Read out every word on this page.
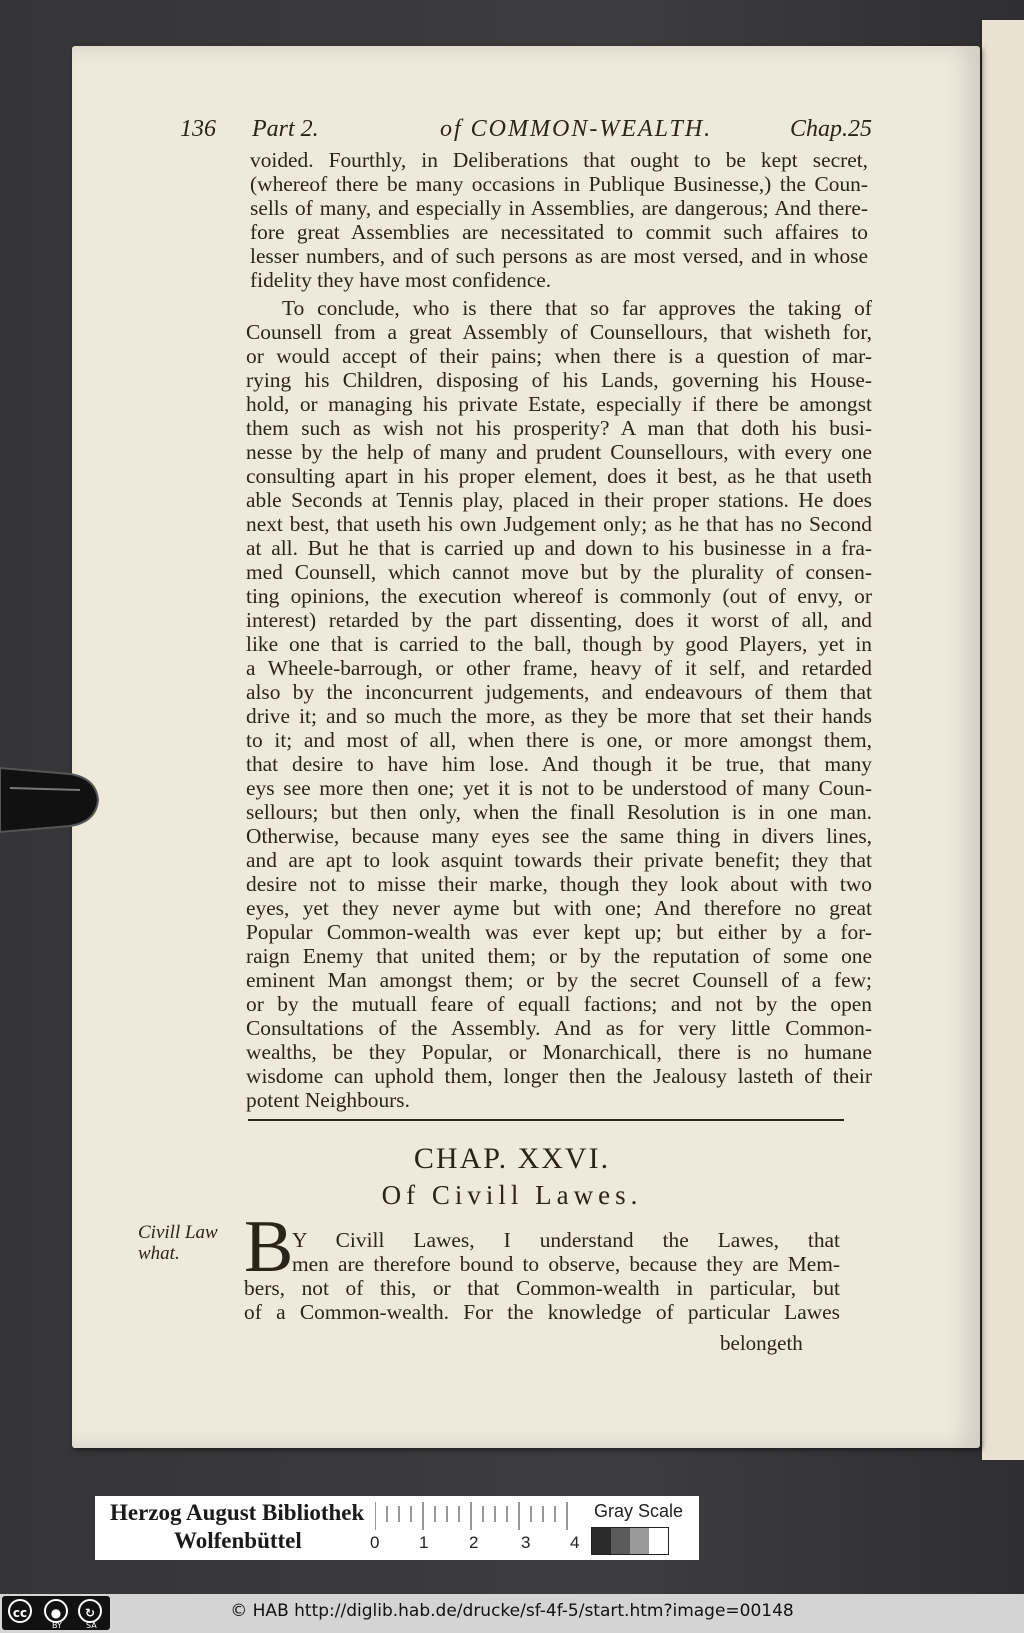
136 Part 2.	of COMMON-WEALTH.	Chap.25
voided. Fourthly, in Deliberations that ought to be kept secret,
(whereof there be many occasions in Publique Businesse,) the Coun-
sells of many, and especially in Assemblies, are dangerous; And there-
fore great Assemblies are necessitated to commit such affaires to
lesser numbers, and of such persons as are most versed, and in whose
fidelity they have most confidence.
To conclude, who is there that so far approves the taking of
Counsell from a great Assembly of Counsellours, that wisheth for,
or would accept of their pains; when there is a question of mar-
rying his Children, disposing of his Lands, governing his House-
hold, or managing his private Estate, especially if there be amongst
them such as wish not his prosperity? A man that doth his busi-
nesse by the help of many and prudent Counsellours, with every one
consulting apart in his proper element, does it best, as he that useth
able Seconds at Tennis play, placed in their proper stations. He does
next best, that useth his own Judgement only; as he that has no Second
at all. But he that is carried up and down to his businesse in a fra-
med Counsell, which cannot move but by the plurality of consen-
ting opinions, the execution whereof is commonly (out of envy, or
interest) retarded by the part dissenting, does it worst of all, and
like one that is carried to the ball, though by good Players, yet in
a Wheele-barrough, or other frame, heavy of it self, and retarded
also by the inconcurrent judgements, and endeavours of them that
drive it; and so much the more, as they be more that set their hands
to it; and most of all, when there is one, or more amongst them,
that desire to have him lose. And though it be true, that many
eys see more then one; yet it is not to be understood of many Coun-
sellours; but then only, when the finall Resolution is in one man.
Otherwise, because many eyes see the same thing in divers lines,
and are apt to look asquint towards their private benefit; they that
desire not to misse their marke, though they look about with two
eyes, yet they never ayme but with one; And therefore no great
Popular Common-wealth was ever kept up; but either by a for-
raign Enemy that united them; or by the reputation of some one
eminent Man amongst them; or by the secret Counsell of a few;
or by the mutuall feare of equall factions; and not by the open
Consultations of the Assembly. And as for very little Common-
wealths, be they Popular, or Monarchicall, there is no humane
wisdome can uphold them, longer then the Jealousy lasteth of their
potent Neighbours.
CHAP. XXVI.
Of Civill Lawes.
Civill Law
what. B
Y Civill Lawes, I understand the Lawes, that
men are therefore bound to observe, because they are Mem-
bers, not of this, or that Common-wealth in particular, but
of a Common-wealth. For the knowledge of particular Lawes
belongeth
Herzog August Bibliothek
Wolfenbüttel	0 1 2	3 4
Gray Scale
cc	●	↻
BY	SA
© HAB http://diglib.hab.de/drucke/sf-4f-5/start.htm?image=00148
